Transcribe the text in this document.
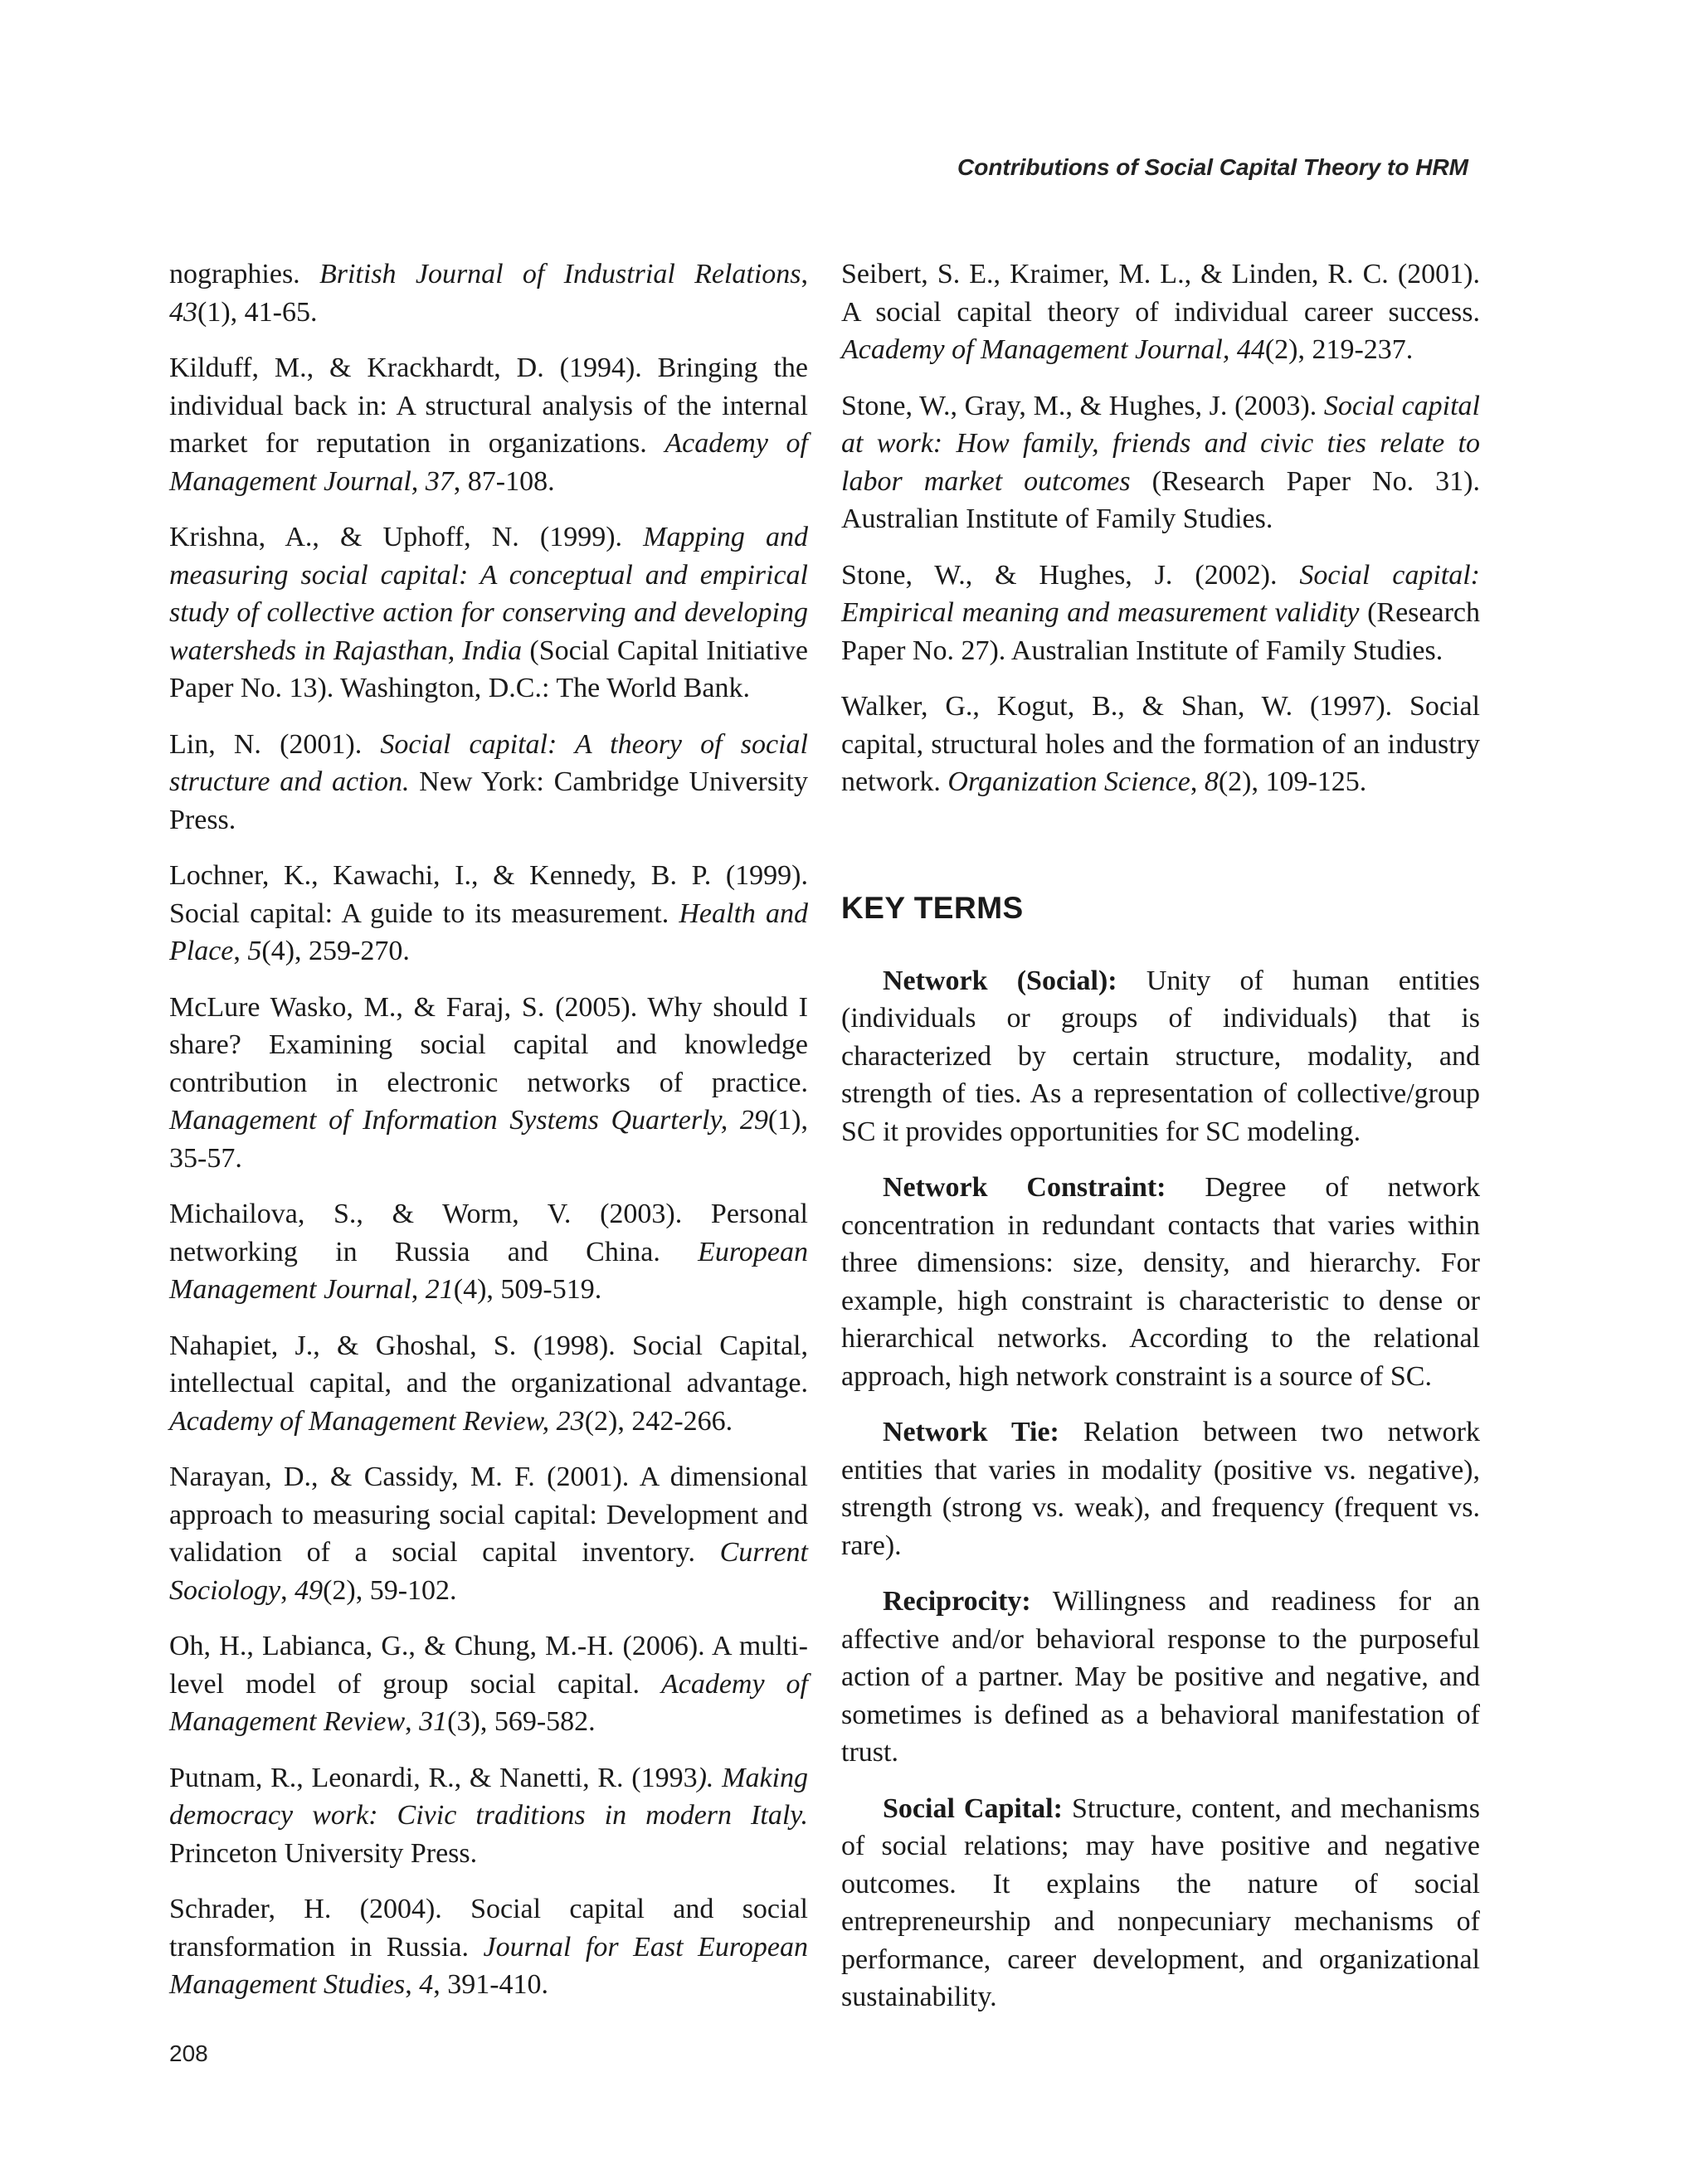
Contributions of Social Capital Theory to HRM

nographies. British Journal of Industrial Relations, 43(1), 41-65.

Kilduff, M., & Krackhardt, D. (1994). Bringing the individual back in: A structural analysis of the internal market for reputation in organizations. Academy of Management Journal, 37, 87-108.

Krishna, A., & Uphoff, N. (1999). Mapping and measuring social capital: A conceptual and empirical study of collective action for conserving and developing watersheds in Rajasthan, India (Social Capital Initiative Paper No. 13). Washington, D.C.: The World Bank.

Lin, N. (2001). Social capital: A theory of social structure and action. New York: Cambridge University Press.

Lochner, K., Kawachi, I., & Kennedy, B. P. (1999). Social capital: A guide to its measurement. Health and Place, 5(4), 259-270.

McLure Wasko, M., & Faraj, S. (2005). Why should I share? Examining social capital and knowledge contribution in electronic networks of practice. Management of Information Systems Quarterly, 29(1), 35-57.

Michailova, S., & Worm, V. (2003). Personal networking in Russia and China. European Management Journal, 21(4), 509-519.

Nahapiet, J., & Ghoshal, S. (1998). Social Capital, intellectual capital, and the organizational advantage. Academy of Management Review, 23(2), 242-266.

Narayan, D., & Cassidy, M. F. (2001). A dimensional approach to measuring social capital: Development and validation of a social capital inventory. Current Sociology, 49(2), 59-102.

Oh, H., Labianca, G., & Chung, M.-H. (2006). A multi-level model of group social capital. Academy of Management Review, 31(3), 569-582.

Putnam, R., Leonardi, R., & Nanetti, R. (1993). Making democracy work: Civic traditions in modern Italy. Princeton University Press.

Schrader, H. (2004). Social capital and social transformation in Russia. Journal for East European Management Studies, 4, 391-410.

Seibert, S. E., Kraimer, M. L., & Linden, R. C. (2001). A social capital theory of individual career success. Academy of Management Journal, 44(2), 219-237.

Stone, W., Gray, M., & Hughes, J. (2003). Social capital at work: How family, friends and civic ties relate to labor market outcomes (Research Paper No. 31). Australian Institute of Family Studies.

Stone, W., & Hughes, J. (2002). Social capital: Empirical meaning and measurement validity (Research Paper No. 27). Australian Institute of Family Studies.

Walker, G., Kogut, B., & Shan, W. (1997). Social capital, structural holes and the formation of an industry network. Organization Science, 8(2), 109-125.

KEY TERMS

Network (Social): Unity of human entities (individuals or groups of individuals) that is characterized by certain structure, modality, and strength of ties. As a representation of collective/group SC it provides opportunities for SC modeling.

Network Constraint: Degree of network concentration in redundant contacts that varies within three dimensions: size, density, and hierarchy. For example, high constraint is characteristic to dense or hierarchical networks. According to the relational approach, high network constraint is a source of SC.

Network Tie: Relation between two network entities that varies in modality (positive vs. negative), strength (strong vs. weak), and frequency (frequent vs. rare).

Reciprocity: Willingness and readiness for an affective and/or behavioral response to the purposeful action of a partner. May be positive and negative, and sometimes is defined as a behavioral manifestation of trust.

Social Capital: Structure, content, and mechanisms of social relations; may have positive and negative outcomes. It explains the nature of social entrepreneurship and nonpecuniary mechanisms of performance, career development, and organizational sustainability.

208
